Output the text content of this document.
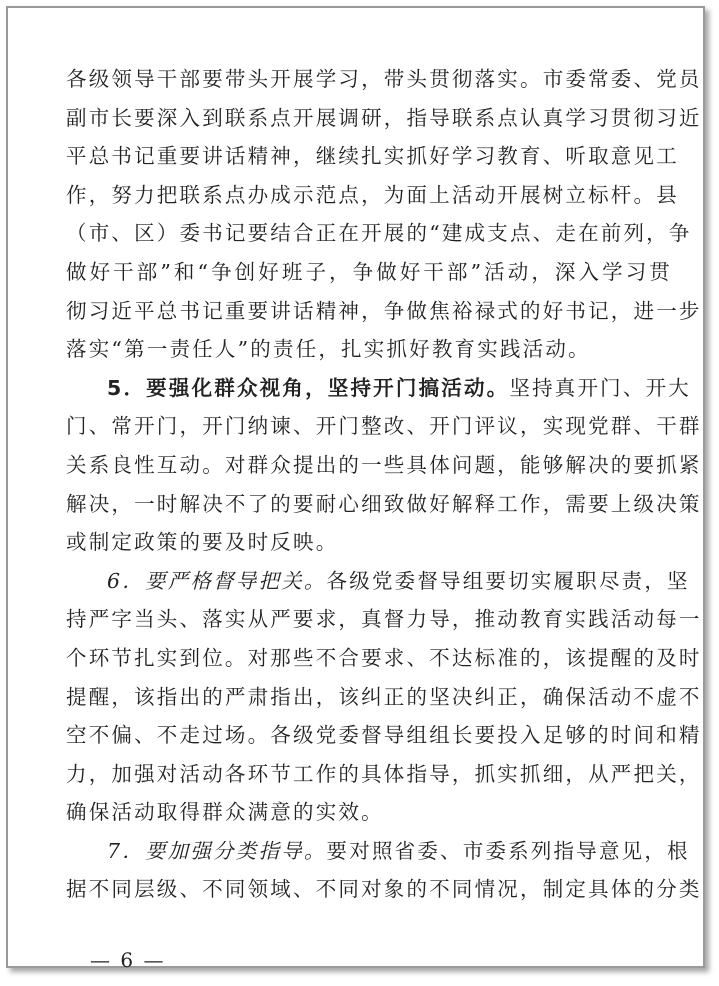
各级领导干部要带头开展学习，带头贯彻落实。市委常委、党员
副市长要深入到联系点开展调研，指导联系点认真学习贯彻习近
平总书记重要讲话精神，继续扎实抓好学习教育、听取意见工
作，努力把联系点办成示范点，为面上活动开展树立标杆。县
（市、区）委书记要结合正在开展的“建成支点、走在前列，争
做好干部”和“争创好班子，争做好干部”活动，深入学习贯
彻习近平总书记重要讲话精神，争做焦裕禄式的好书记，进一步
落实“第一责任人”的责任，扎实抓好教育实践活动。
5．要强化群众视角，坚持开门搞活动。坚持真开门、开大
门、常开门，开门纳谏、开门整改、开门评议，实现党群、干群
关系良性互动。对群众提出的一些具体问题，能够解决的要抓紧
解决，一时解决不了的要耐心细致做好解释工作，需要上级决策
或制定政策的要及时反映。
6．要严格督导把关。各级党委督导组要切实履职尽责，坚
持严字当头、落实从严要求，真督力导，推动教育实践活动每一
个环节扎实到位。对那些不合要求、不达标准的，该提醒的及时
提醒，该指出的严肃指出，该纠正的坚决纠正，确保活动不虚不
空不偏、不走过场。各级党委督导组组长要投入足够的时间和精
力，加强对活动各环节工作的具体指导，抓实抓细，从严把关，
确保活动取得群众满意的实效。
7．要加强分类指导。要对照省委、市委系列指导意见，根
据不同层级、不同领域、不同对象的不同情况，制定具体的分类
— 6 —
